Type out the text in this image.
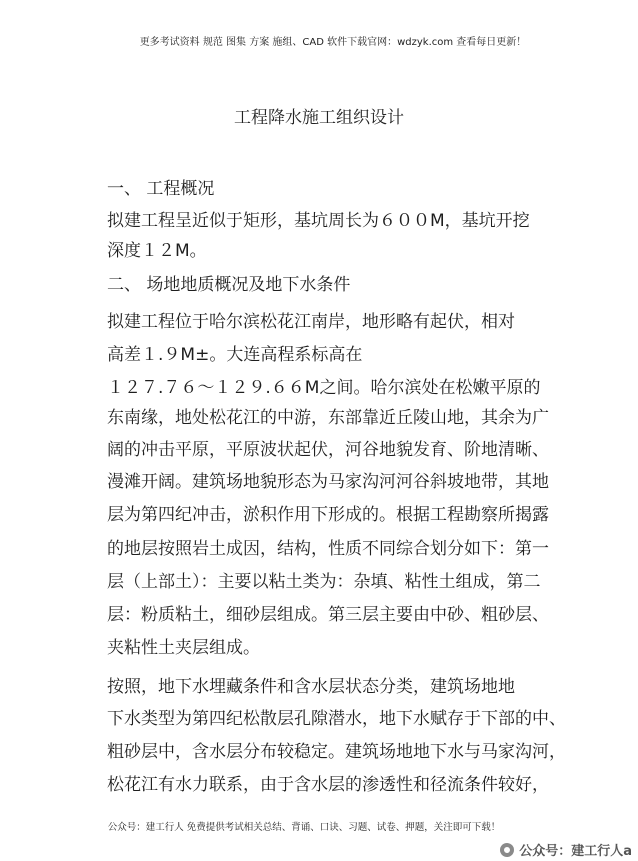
更多考试资料 规范 图集 方案 施组、CAD 软件下载官网：wdzyk.com 查看每日更新！
工程降水施工组织设计
一、 工程概况
拟建工程呈近似于矩形，基坑周长为６００M，基坑开挖
深度１２M。
二、 场地地质概况及地下水条件
拟建工程位于哈尔滨松花江南岸，地形略有起伏，相对
高差１.９M±。大连高程系标高在
１２７.７６～１２９.６６M之间。哈尔滨处在松嫩平原的
东南缘，地处松花江的中游，东部靠近丘陵山地，其余为广
阔的冲击平原，平原波状起伏，河谷地貌发育、阶地清晰、
漫滩开阔。建筑场地貌形态为马家沟河河谷斜坡地带，其地
层为第四纪冲击，淤积作用下形成的。根据工程勘察所揭露
的地层按照岩土成因，结构，性质不同综合划分如下：第一
层（上部土）：主要以粘土类为：杂填、粘性土组成，第二
层：粉质粘土，细砂层组成。第三层主要由中砂、粗砂层、
夹粘性土夹层组成。
按照，地下水埋藏条件和含水层状态分类，建筑场地地
下水类型为第四纪松散层孔隙潜水，地下水赋存于下部的中、
粗砂层中，含水层分布较稳定。建筑场地地下水与马家沟河，
松花江有水力联系，由于含水层的渗透性和径流条件较好，
公众号：建工行人 免费提供考试相关总结、背诵、口诀、习题、试卷、押题，关注即可下载！
公众号：建工行人a
